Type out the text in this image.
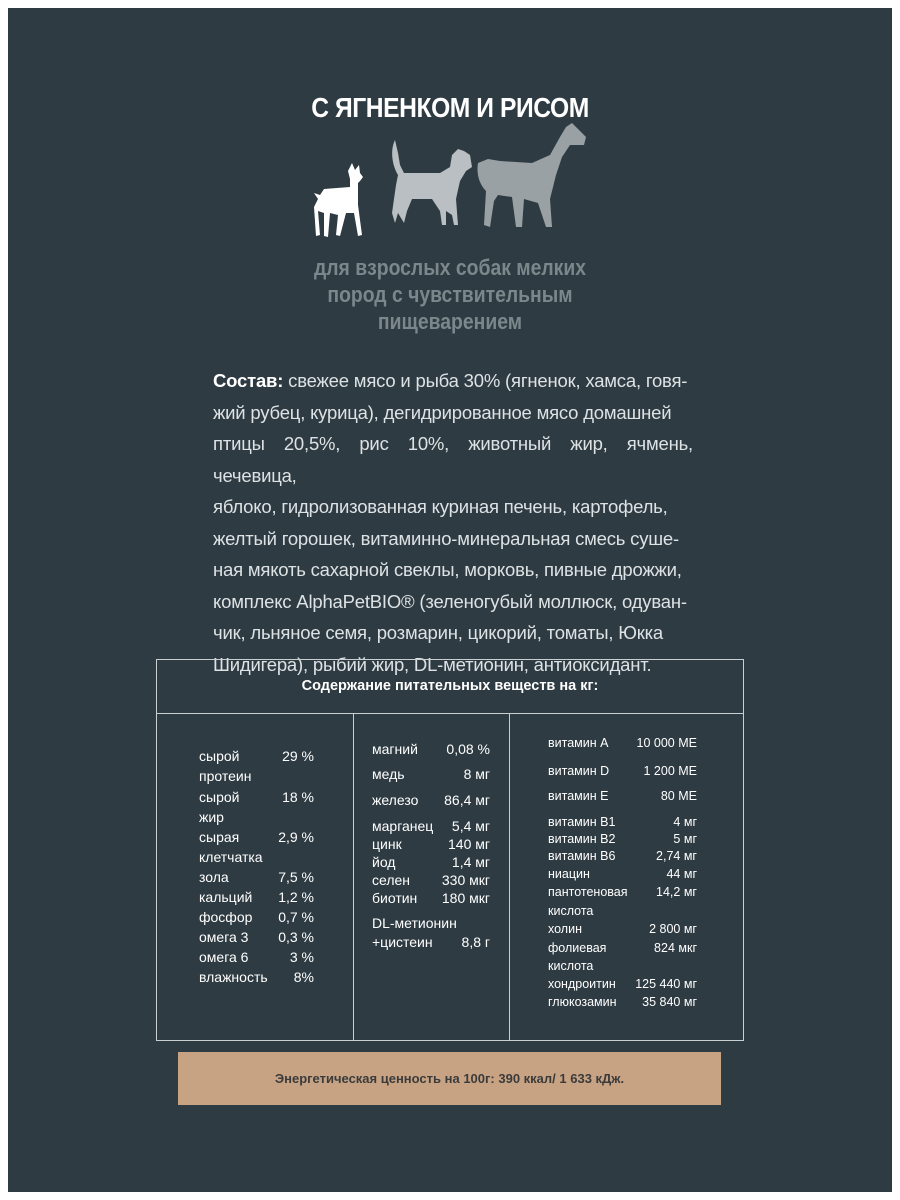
С ЯГНЕНКОМ И РИСОМ
для взрослых собак мелких
пород с чувствительным
пищеварением
Состав: свежее мясо и рыба 30% (ягненок, хамса, говя-
жий рубец, курица), дегидрированное мясо домашней
птицы 20,5%, рис 10%, животный жир, ячмень, чечевица,
яблоко, гидролизованная куриная печень, картофель,
желтый горошек, витаминно-минеральная смесь суше-
ная мякоть сахарной свеклы, морковь, пивные дрожжи,
комплекс AlphaPetBIO® (зеленогубый моллюск, одуван-
чик, льняное семя, розмарин, цикорий, томаты, Юкка
Шидигера), рыбий жир, DL-метионин, антиоксидант.
Содержание питательных веществ на кг:
сырой	29 %
протеин
сырой	18 %
жир
сырая	2,9 %
клетчатка
зола	7,5 %
кальций 1,2 %
фосфор 0,7 %
омега 3 0,3 %
омега 6	3 %
влажность 8%
магний 0,08 %
медь	8 мг
железо 86,4 мг
марганец 5,4 мг
цинк	140 мг
йод	1,4 мг
селен 330 мкг
биотин 180 мкг
DL-метионин
+цистеин 8,8 г
витамин А 10 000 МЕ
витамин D	1 200 МЕ
витамин Е	80 МЕ
витамин В1	4 мг
витамин В2	5 мг
витамин В6	2,74 мг
ниацин	44 мг
пантотеновая 14,2 мг
кислота
холин	2 800 мг
фолиевая	824 мкг
кислота
хондроитин 125 440 мг
глюкозамин 35 840 мг
Энергетическая ценность на 100г: 390 ккал/ 1 633 кДж.
